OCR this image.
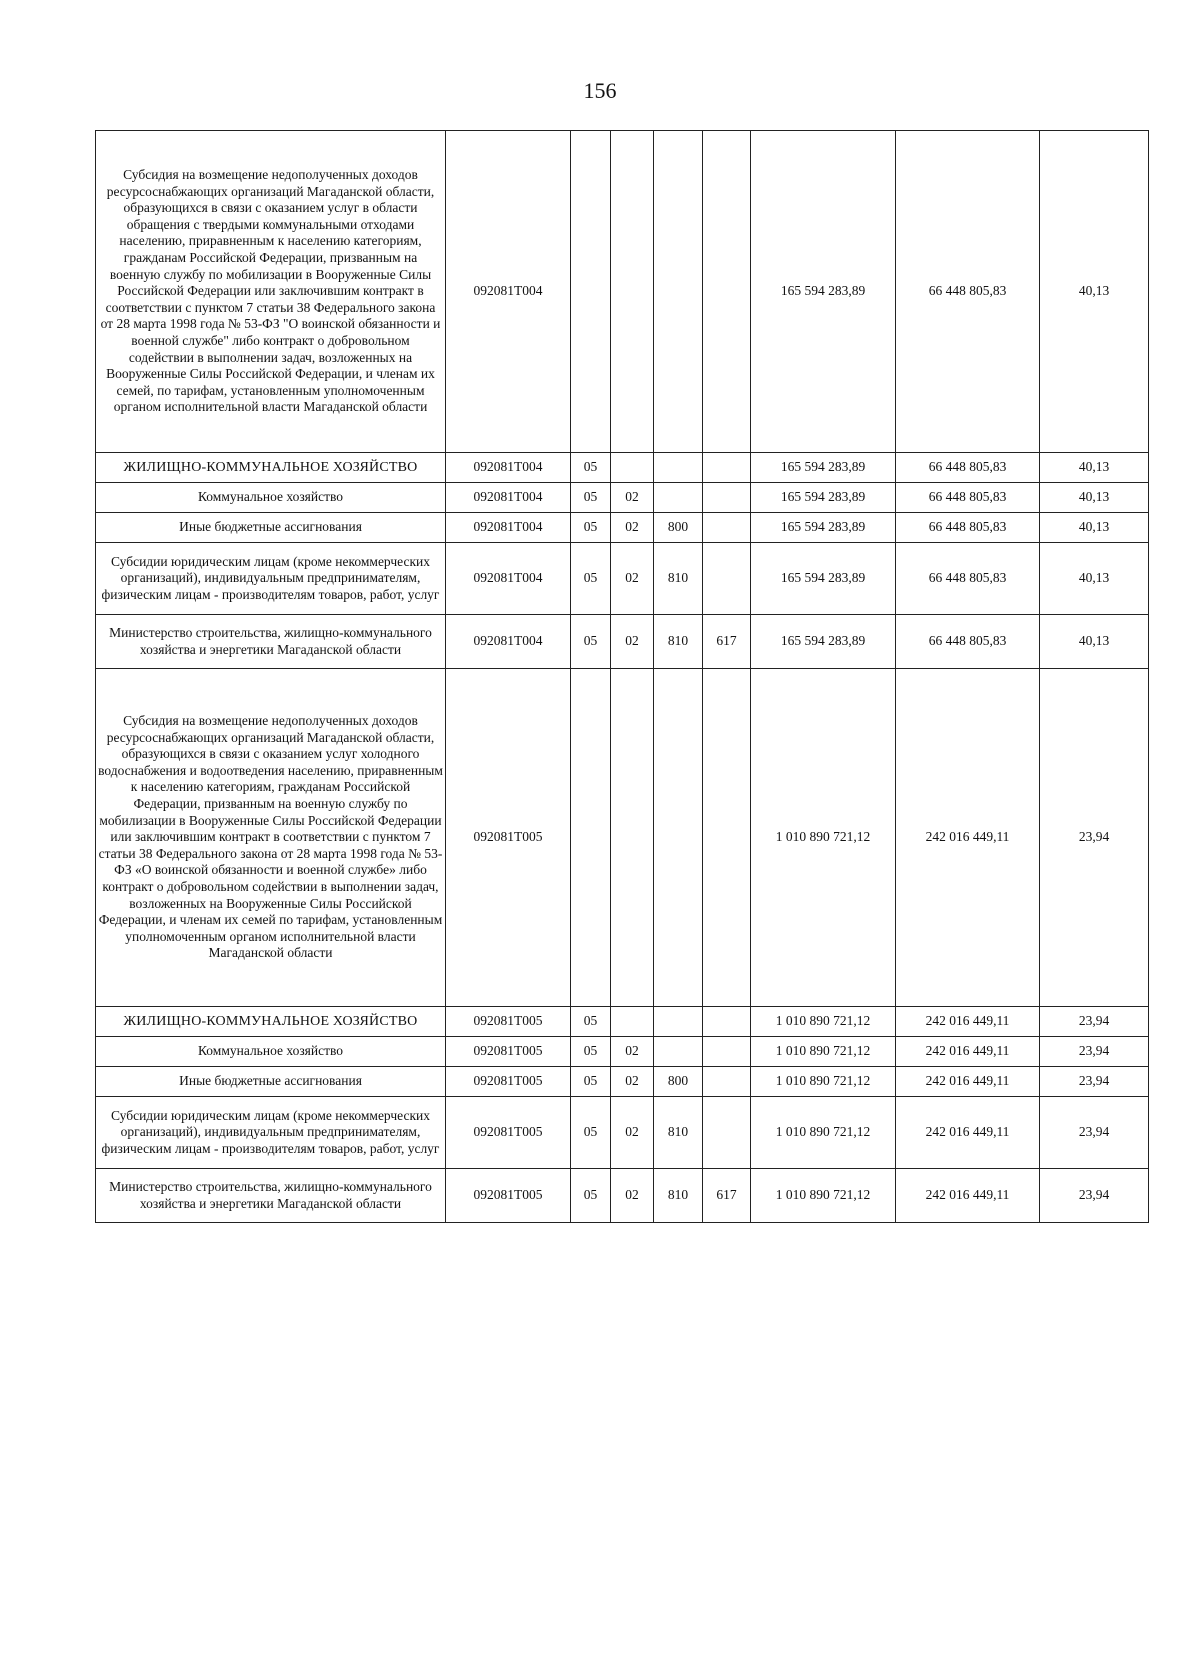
156
Субсидия на возмещение недополученных доходов ресурсоснабжающих организаций Магаданской области, образующихся в связи с оказанием услуг в области обращения с твердыми коммунальными отходами населению, приравненным к населению категориям, гражданам Российской Федерации, призванным на военную службу по мобилизации в Вооруженные Силы Российской Федерации или заключившим контракт в соответствии с пунктом 7 статьи 38 Федерального закона от 28 марта 1998 года № 53-ФЗ "О воинской обязанности и военной службе" либо контракт о добровольном содействии в выполнении задач, возложенных на Вооруженные Силы Российской Федерации, и членам их семей, по тарифам, установленным уполномоченным органом исполнительной власти Магаданской области	092081Т004					165 594 283,89	66 448 805,83	40,13
ЖИЛИЩНО-КОММУНАЛЬНОЕ ХОЗЯЙСТВО	092081Т004	05				165 594 283,89	66 448 805,83	40,13
Коммунальное хозяйство	092081Т004	05	02			165 594 283,89	66 448 805,83	40,13
Иные бюджетные ассигнования	092081Т004	05	02	800		165 594 283,89	66 448 805,83	40,13
Субсидии юридическим лицам (кроме некоммерческих организаций), индивидуальным предпринимателям, физическим лицам - производителям товаров, работ, услуг	092081Т004	05	02	810		165 594 283,89	66 448 805,83	40,13
Министерство строительства, жилищно-коммунального хозяйства и энергетики Магаданской области	092081Т004	05	02	810	617	165 594 283,89	66 448 805,83	40,13
Субсидия на возмещение недополученных доходов ресурсоснабжающих организаций Магаданской области, образующихся в связи с оказанием услуг холодного водоснабжения и водоотведения населению, приравненным к населению категориям, гражданам Российской Федерации, призванным на военную службу по мобилизации в Вооруженные Силы Российской Федерации или заключившим контракт в соответствии с пунктом 7 статьи 38 Федерального закона от 28 марта 1998 года № 53-ФЗ «О воинской обязанности и военной службе» либо контракт о добровольном содействии в выполнении задач, возложенных на Вооруженные Силы Российской Федерации, и членам их семей по тарифам, установленным уполномоченным органом исполнительной власти Магаданской области	092081Т005					1 010 890 721,12	242 016 449,11	23,94
ЖИЛИЩНО-КОММУНАЛЬНОЕ ХОЗЯЙСТВО	092081Т005	05				1 010 890 721,12	242 016 449,11	23,94
Коммунальное хозяйство	092081Т005	05	02			1 010 890 721,12	242 016 449,11	23,94
Иные бюджетные ассигнования	092081Т005	05	02	800		1 010 890 721,12	242 016 449,11	23,94
Субсидии юридическим лицам (кроме некоммерческих организаций), индивидуальным предпринимателям, физическим лицам - производителям товаров, работ, услуг	092081Т005	05	02	810		1 010 890 721,12	242 016 449,11	23,94
Министерство строительства, жилищно-коммунального хозяйства и энергетики Магаданской области	092081Т005	05	02	810	617	1 010 890 721,12	242 016 449,11	23,94
